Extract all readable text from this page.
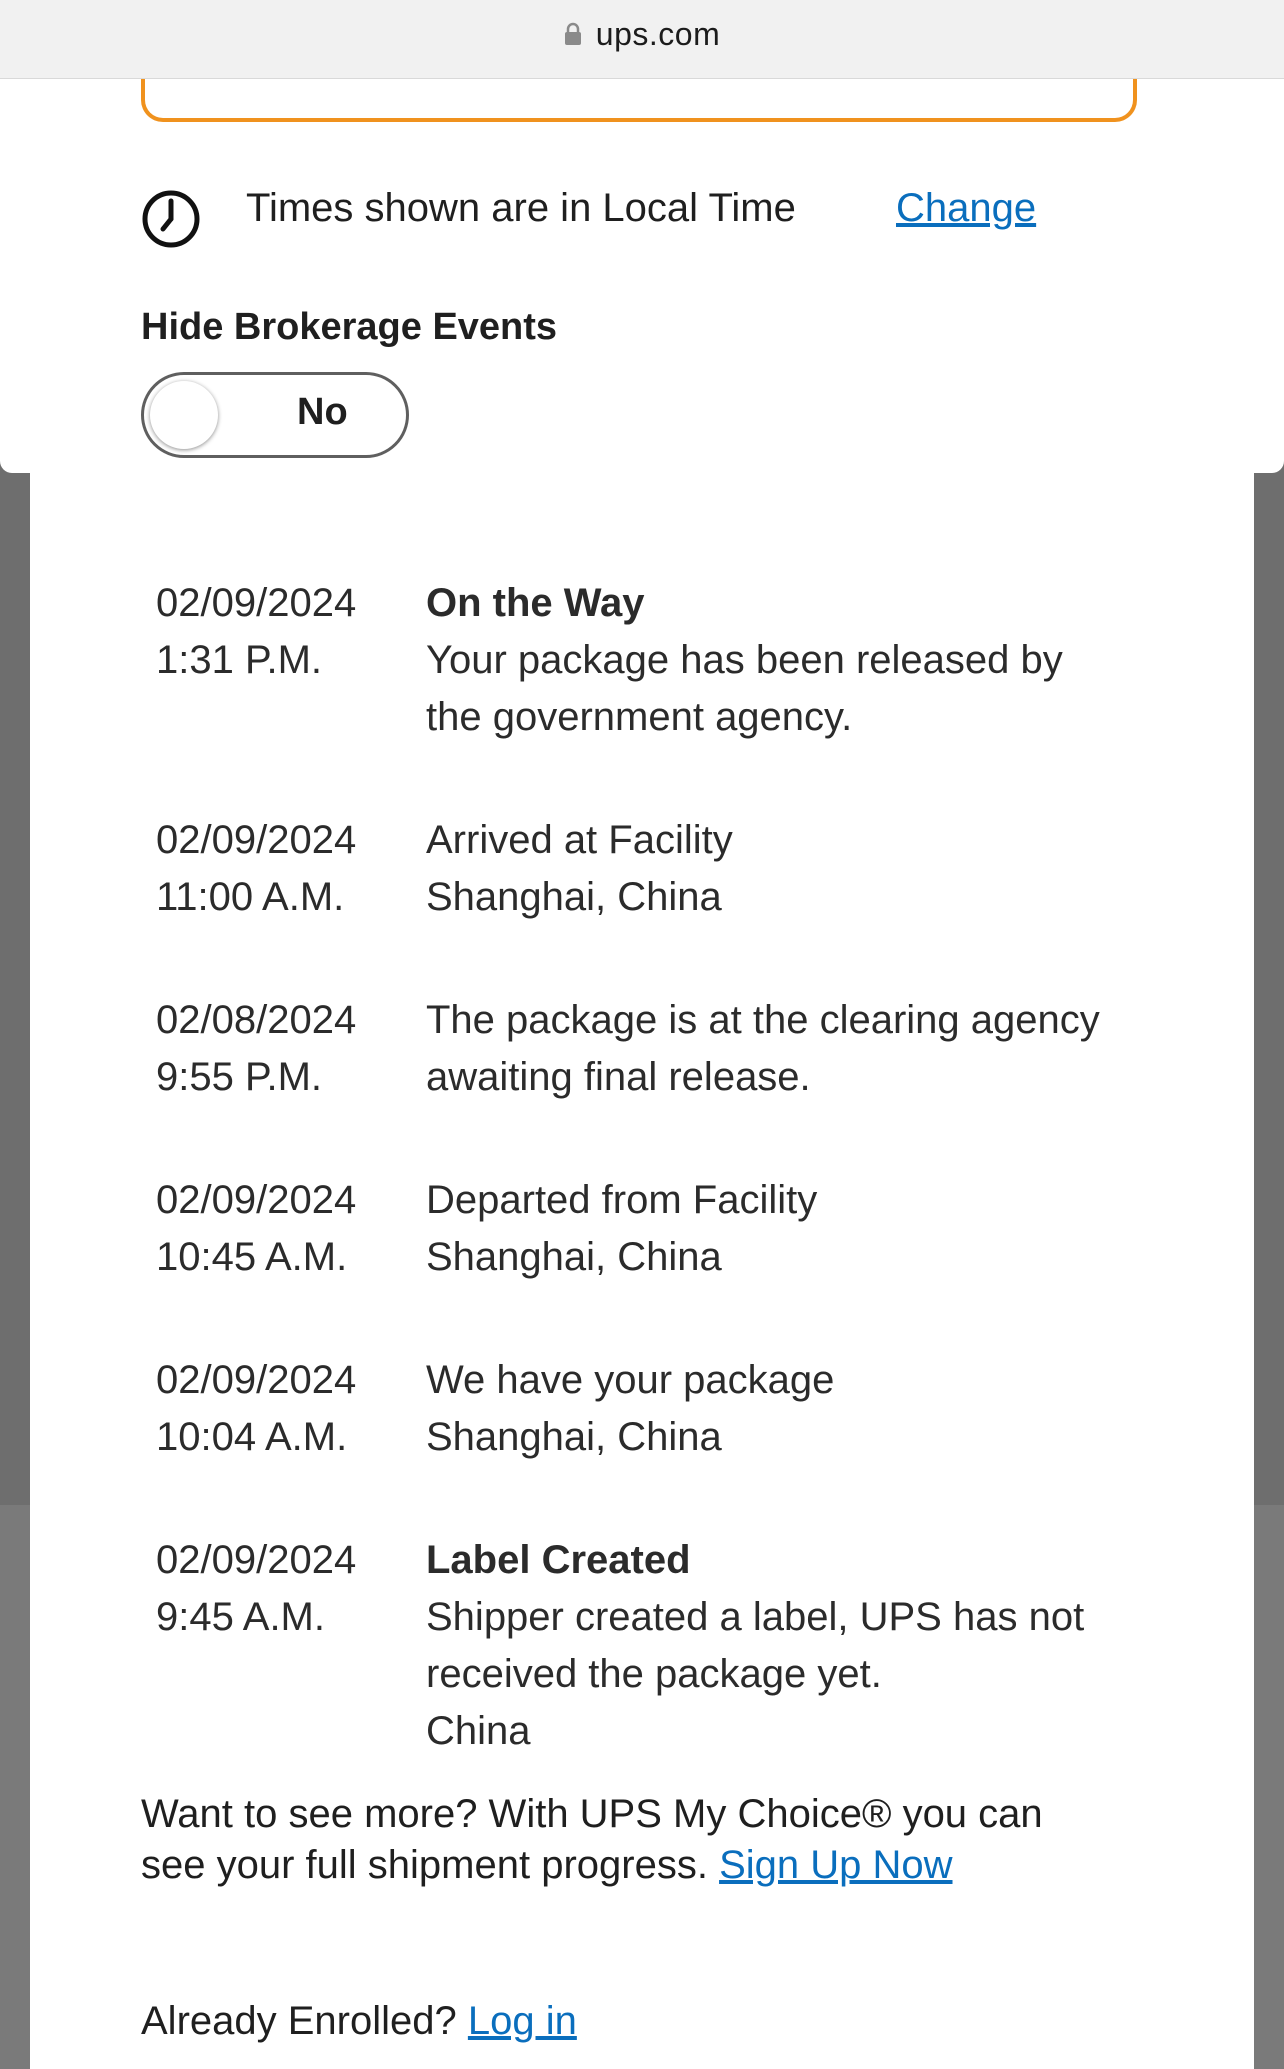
ups.com
Times shown are in Local Time	Change
Hide Brokerage Events
No
02/09/2024
1:31 P.M.
On the Way
Your package has been released by
the government agency.
02/09/2024
11:00 A.M.
Arrived at Facility
Shanghai, China
02/08/2024
9:55 P.M.
The package is at the clearing agency
awaiting final release.
02/09/2024
10:45 A.M.
Departed from Facility
Shanghai, China
02/09/2024
10:04 A.M.
We have your package
Shanghai, China
02/09/2024
9:45 A.M.
Label Created
Shipper created a label, UPS has not
received the package yet.
China
Want to see more? With UPS My Choice® you can
see your full shipment progress. Sign Up Now
Already Enrolled? Log in
